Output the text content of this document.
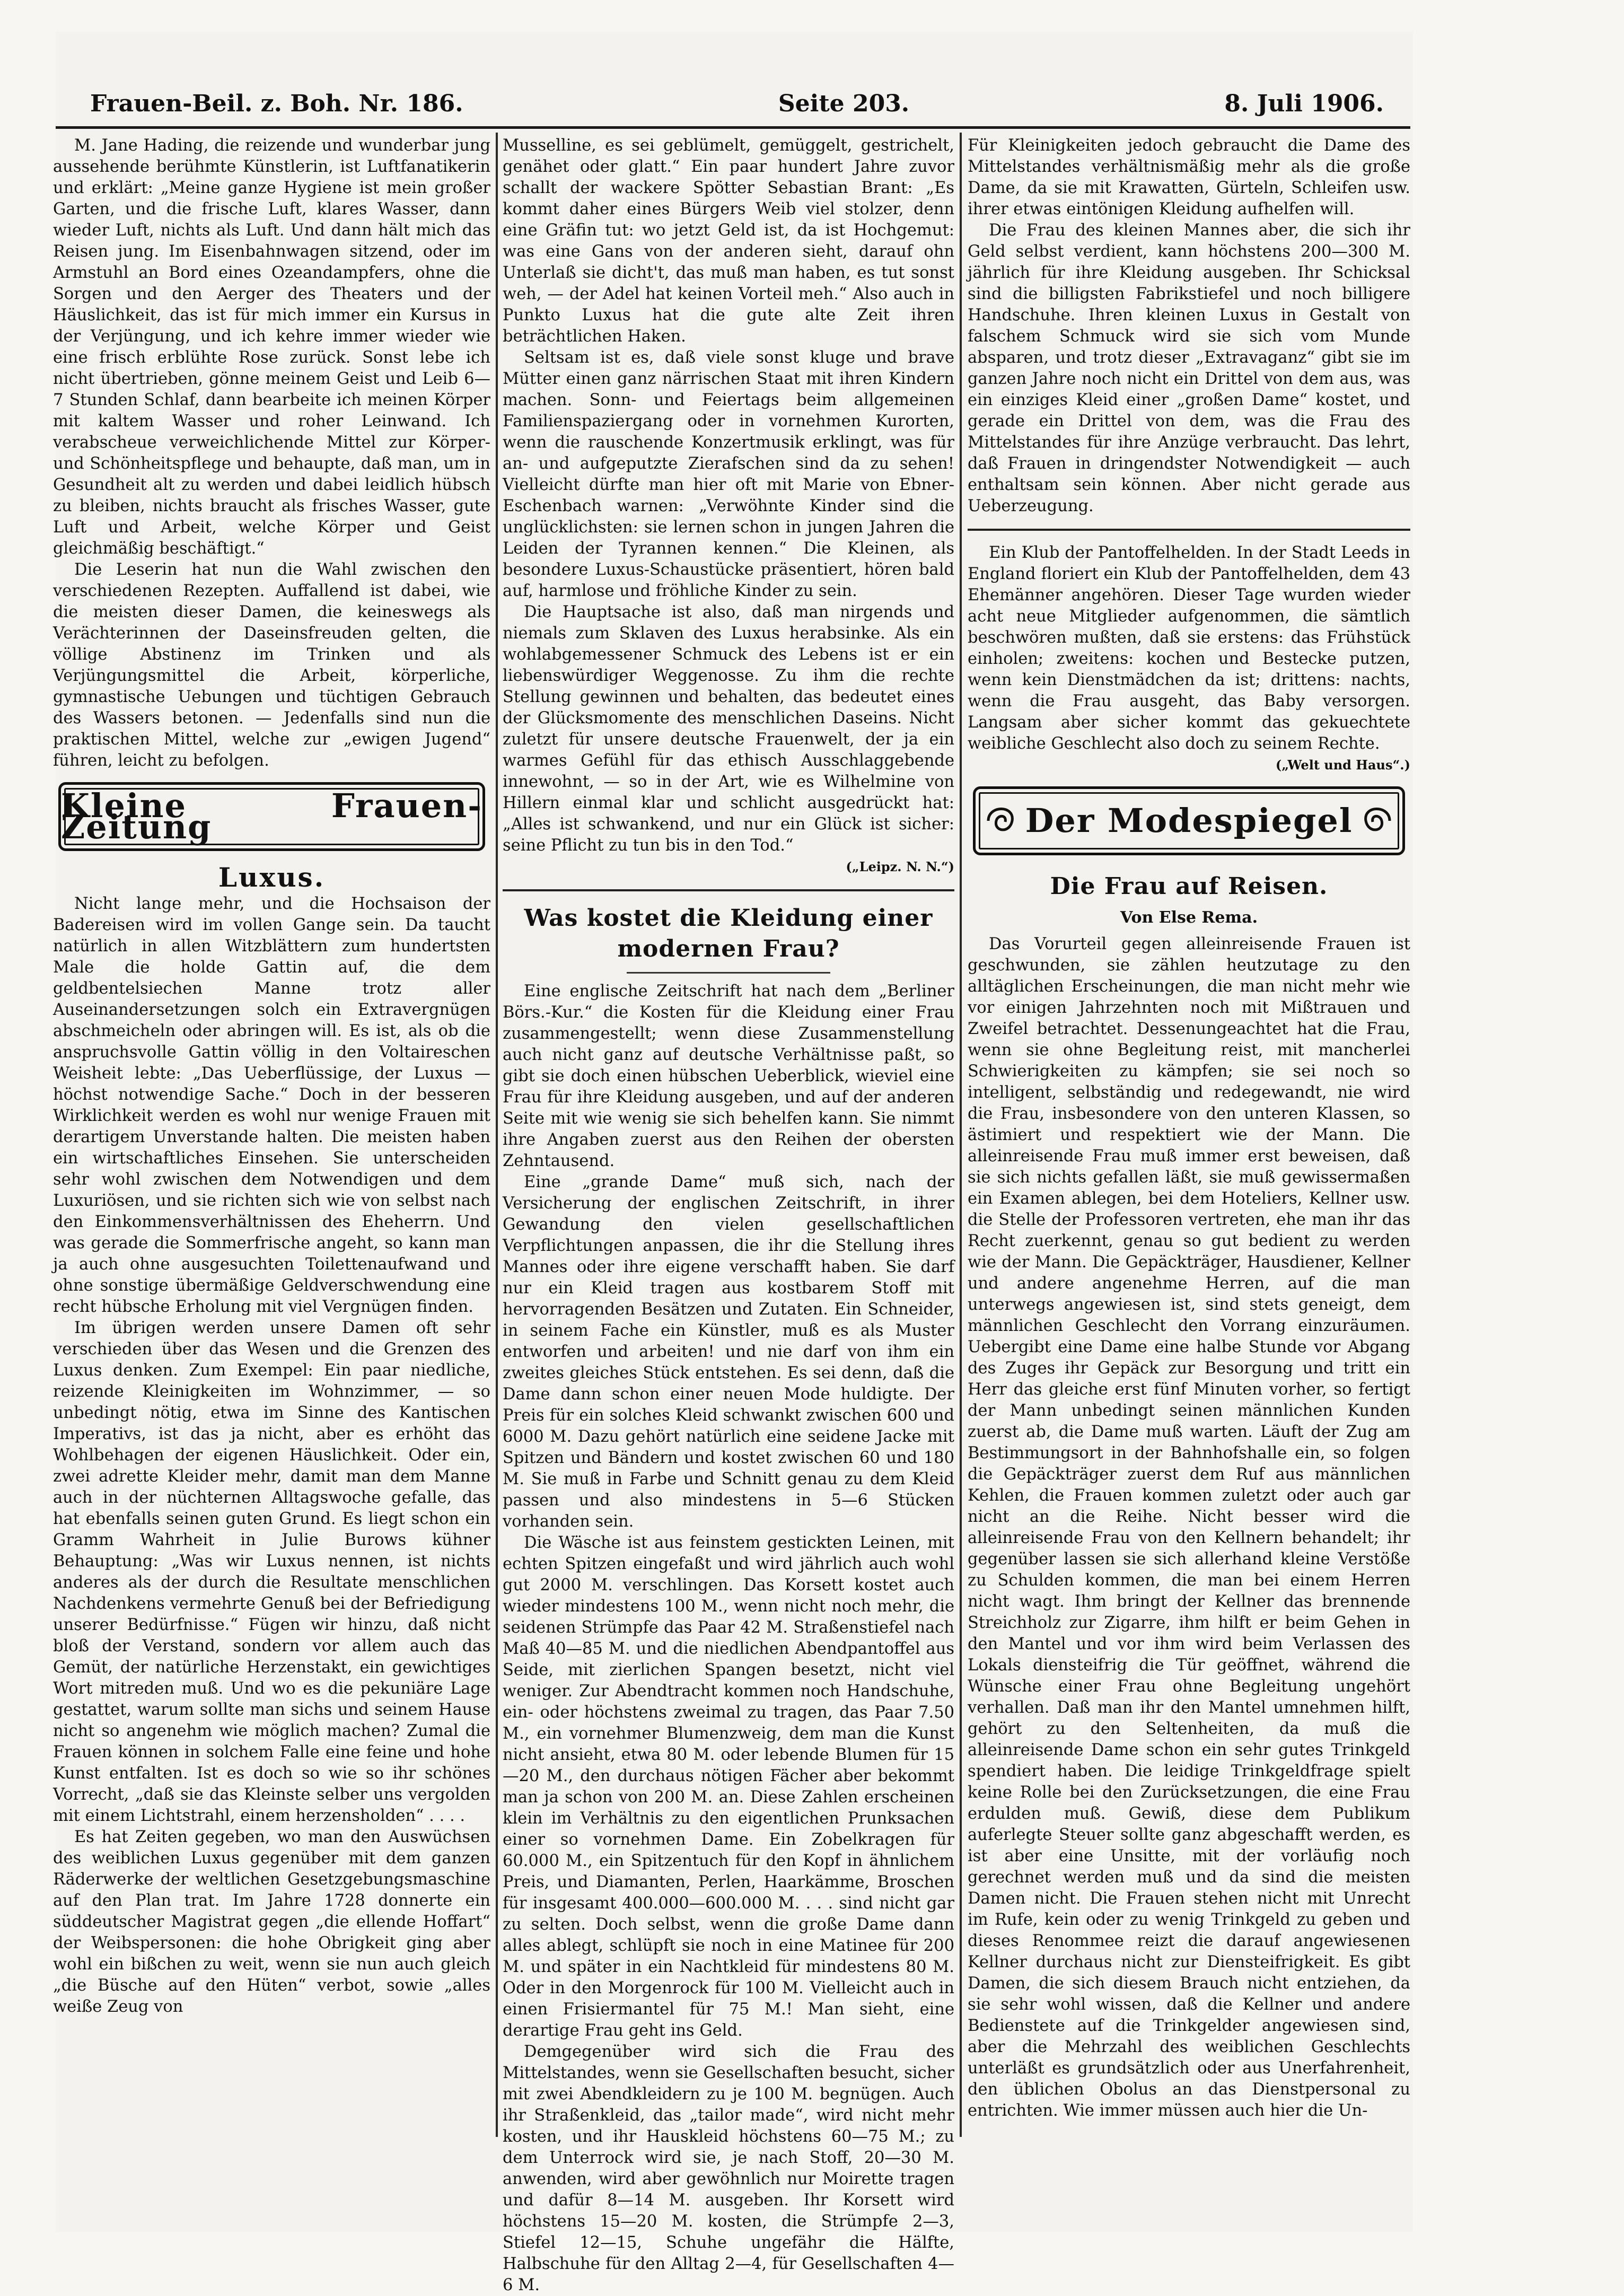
Frauen-Beil. z. Boh. Nr. 186.	Seite 203.	8. Juli 1906.

M. Jane Hading, die reizende und wunderbar jung aussehende berühmte Künstlerin, ist Luftfanatikerin und erklärt: „Meine ganze Hygiene ist mein großer Garten, und die frische Luft, klares Wasser, dann wieder Luft, nichts als Luft. Und dann hält mich das Reisen jung. Im Eisenbahnwagen sitzend, oder im Armstuhl an Bord eines Ozeandampfers, ohne die Sorgen und den Aerger des Theaters und der Häuslichkeit, das ist für mich immer ein Kursus in der Verjüngung, und ich kehre immer wieder wie eine frisch erblühte Rose zurück. Sonst lebe ich nicht übertrieben, gönne meinem Geist und Leib 6—7 Stunden Schlaf, dann bearbeite ich meinen Körper mit kaltem Wasser und roher Leinwand. Ich verabscheue verweichlichende Mittel zur Körper- und Schönheitspflege und behaupte, daß man, um in Gesundheit alt zu werden und dabei leidlich hübsch zu bleiben, nichts braucht als frisches Wasser, gute Luft und Arbeit, welche Körper und Geist gleichmäßig beschäftigt.“

Die Leserin hat nun die Wahl zwischen den verschiedenen Rezepten. Auffallend ist dabei, wie die meisten dieser Damen, die keineswegs als Verächterinnen der Daseinsfreuden gelten, die völlige Abstinenz im Trinken und als Verjüngungsmittel die Arbeit, körperliche, gymnastische Uebungen und tüchtigen Gebrauch des Wassers betonen. — Jedenfalls sind nun die praktischen Mittel, welche zur „ewigen Jugend“ führen, leicht zu befolgen.

Kleine Frauen-Zeitung
Luxus.

Nicht lange mehr, und die Hochsaison der Badereisen wird im vollen Gange sein. Da taucht natürlich in allen Witzblättern zum hundertsten Male die holde Gattin auf, die dem geldbentelsiechen Manne trotz aller Auseinandersetzungen solch ein Extravergnügen abschmeicheln oder abringen will. Es ist, als ob die anspruchsvolle Gattin völlig in den Voltaireschen Weisheit lebte: „Das Ueberflüssige, der Luxus — höchst notwendige Sache.“ Doch in der besseren Wirklichkeit werden es wohl nur wenige Frauen mit derartigem Unverstande halten. Die meisten haben ein wirtschaftliches Einsehen. Sie unterscheiden sehr wohl zwischen dem Notwendigen und dem Luxuriösen, und sie richten sich wie von selbst nach den Einkommensverhältnissen des Eheherrn. Und was gerade die Sommerfrische angeht, so kann man ja auch ohne ausgesuchten Toilettenaufwand und ohne sonstige übermäßige Geldverschwendung eine recht hübsche Erholung mit viel Vergnügen finden.

Im übrigen werden unsere Damen oft sehr verschieden über das Wesen und die Grenzen des Luxus denken. Zum Exempel: Ein paar niedliche, reizende Kleinigkeiten im Wohnzimmer, — so unbedingt nötig, etwa im Sinne des Kantischen Imperativs, ist das ja nicht, aber es erhöht das Wohlbehagen der eigenen Häuslichkeit. Oder ein, zwei adrette Kleider mehr, damit man dem Manne auch in der nüchternen Alltagswoche gefalle, das hat ebenfalls seinen guten Grund. Es liegt schon ein Gramm Wahrheit in Julie Burows kühner Behauptung: „Was wir Luxus nennen, ist nichts anderes als der durch die Resultate menschlichen Nachdenkens vermehrte Genuß bei der Befriedigung unserer Bedürfnisse.“ Fügen wir hinzu, daß nicht bloß der Verstand, sondern vor allem auch das Gemüt, der natürliche Herzenstakt, ein gewichtiges Wort mitreden muß. Und wo es die pekuniäre Lage gestattet, warum sollte man sichs und seinem Hause nicht so angenehm wie möglich machen? Zumal die Frauen können in solchem Falle eine feine und hohe Kunst entfalten. Ist es doch so wie so ihr schönes Vorrecht, „daß sie das Kleinste selber uns vergolden mit einem Lichtstrahl, einem herzensholden“ . . . .

Es hat Zeiten gegeben, wo man den Auswüchsen des weiblichen Luxus gegenüber mit dem ganzen Räderwerke der weltlichen Gesetzgebungsmaschine auf den Plan trat. Im Jahre 1728 donnerte ein süddeutscher Magistrat gegen „die ellende Hoffart“ der Weibspersonen: die hohe Obrigkeit ging aber wohl ein bißchen zu weit, wenn sie nun auch gleich „die Büsche auf den Hüten“ verbot, sowie „alles weiße Zeug von

Musselline, es sei geblümelt, gemüggelt, gestrichelt, genähet oder glatt.“ Ein paar hundert Jahre zuvor schallt der wackere Spötter Sebastian Brant: „Es kommt daher eines Bürgers Weib viel stolzer, denn eine Gräfin tut: wo jetzt Geld ist, da ist Hochgemut: was eine Gans von der anderen sieht, darauf ohn Unterlaß sie dicht't, das muß man haben, es tut sonst weh, — der Adel hat keinen Vorteil meh.“ Also auch in Punkto Luxus hat die gute alte Zeit ihren beträchtlichen Haken.

Seltsam ist es, daß viele sonst kluge und brave Mütter einen ganz närrischen Staat mit ihren Kindern machen. Sonn- und Feiertags beim allgemeinen Familienspaziergang oder in vornehmen Kurorten, wenn die rauschende Konzertmusik erklingt, was für an- und aufgeputzte Zierafschen sind da zu sehen! Vielleicht dürfte man hier oft mit Marie von Ebner-Eschenbach warnen: „Verwöhnte Kinder sind die unglücklichsten: sie lernen schon in jungen Jahren die Leiden der Tyrannen kennen.“ Die Kleinen, als besondere Luxus-Schaustücke präsentiert, hören bald auf, harmlose und fröhliche Kinder zu sein.

Die Hauptsache ist also, daß man nirgends und niemals zum Sklaven des Luxus herabsinke. Als ein wohlabgemessener Schmuck des Lebens ist er ein liebenswürdiger Weggenosse. Zu ihm die rechte Stellung gewinnen und behalten, das bedeutet eines der Glücksmomente des menschlichen Daseins. Nicht zuletzt für unsere deutsche Frauenwelt, der ja ein warmes Gefühl für das ethisch Ausschlaggebende innewohnt, — so in der Art, wie es Wilhelmine von Hillern einmal klar und schlicht ausgedrückt hat: „Alles ist schwankend, und nur ein Glück ist sicher: seine Pflicht zu tun bis in den Tod.“

(„Leipz. N. N.“)
Was kostet die Kleidung einer modernen Frau?

Eine englische Zeitschrift hat nach dem „Berliner Börs.-Kur.“ die Kosten für die Kleidung einer Frau zusammengestellt; wenn diese Zusammenstellung auch nicht ganz auf deutsche Verhältnisse paßt, so gibt sie doch einen hübschen Ueberblick, wieviel eine Frau für ihre Kleidung ausgeben, und auf der anderen Seite mit wie wenig sie sich behelfen kann. Sie nimmt ihre Angaben zuerst aus den Reihen der obersten Zehntausend.

Eine „grande Dame“ muß sich, nach der Versicherung der englischen Zeitschrift, in ihrer Gewandung den vielen gesellschaftlichen Verpflichtungen anpassen, die ihr die Stellung ihres Mannes oder ihre eigene verschafft haben. Sie darf nur ein Kleid tragen aus kostbarem Stoff mit hervorragenden Besätzen und Zutaten. Ein Schneider, in seinem Fache ein Künstler, muß es als Muster entworfen und arbeiten! und nie darf von ihm ein zweites gleiches Stück entstehen. Es sei denn, daß die Dame dann schon einer neuen Mode huldigte. Der Preis für ein solches Kleid schwankt zwischen 600 und 6000 M. Dazu gehört natürlich eine seidene Jacke mit Spitzen und Bändern und kostet zwischen 60 und 180 M. Sie muß in Farbe und Schnitt genau zu dem Kleid passen und also mindestens in 5—6 Stücken vorhanden sein.

Die Wäsche ist aus feinstem gestickten Leinen, mit echten Spitzen eingefaßt und wird jährlich auch wohl gut 2000 M. verschlingen. Das Korsett kostet auch wieder mindestens 100 M., wenn nicht noch mehr, die seidenen Strümpfe das Paar 42 M. Straßenstiefel nach Maß 40—85 M. und die niedlichen Abendpantoffel aus Seide, mit zierlichen Spangen besetzt, nicht viel weniger. Zur Abendtracht kommen noch Handschuhe, ein- oder höchstens zweimal zu tragen, das Paar 7.50 M., ein vornehmer Blumenzweig, dem man die Kunst nicht ansieht, etwa 80 M. oder lebende Blumen für 15—20 M., den durchaus nötigen Fächer aber bekommt man ja schon von 200 M. an. Diese Zahlen erscheinen klein im Verhältnis zu den eigentlichen Prunksachen einer so vornehmen Dame. Ein Zobelkragen für 60.000 M., ein Spitzentuch für den Kopf in ähnlichem Preis, und Diamanten, Perlen, Haarkämme, Broschen für insgesamt 400.000—600.000 M. . . . sind nicht gar zu selten. Doch selbst, wenn die große Dame dann alles ablegt, schlüpft sie noch in eine Matinee für 200 M. und später in ein Nachtkleid für mindestens 80 M. Oder in den Morgenrock für 100 M. Vielleicht auch in einen Frisiermantel für 75 M.! Man sieht, eine derartige Frau geht ins Geld.

Demgegenüber wird sich die Frau des Mittelstandes, wenn sie Gesellschaften besucht, sicher mit zwei Abendkleidern zu je 100 M. begnügen. Auch ihr Straßenkleid, das „tailor made“, wird nicht mehr kosten, und ihr Hauskleid höchstens 60—75 M.; zu dem Unterrock wird sie, je nach Stoff, 20—30 M. anwenden, wird aber gewöhnlich nur Moirette tragen und dafür 8—14 M. ausgeben. Ihr Korsett wird höchstens 15—20 M. kosten, die Strümpfe 2—3, Stiefel 12—15, Schuhe ungefähr die Hälfte, Halbschuhe für den Alltag 2—4, für Gesellschaften 4—6 M.

Für Kleinigkeiten jedoch gebraucht die Dame des Mittelstandes verhältnismäßig mehr als die große Dame, da sie mit Krawatten, Gürteln, Schleifen usw. ihrer etwas eintönigen Kleidung aufhelfen will.

Die Frau des kleinen Mannes aber, die sich ihr Geld selbst verdient, kann höchstens 200—300 M. jährlich für ihre Kleidung ausgeben. Ihr Schicksal sind die billigsten Fabrikstiefel und noch billigere Handschuhe. Ihren kleinen Luxus in Gestalt von falschem Schmuck wird sie sich vom Munde absparen, und trotz dieser „Extravaganz“ gibt sie im ganzen Jahre noch nicht ein Drittel von dem aus, was ein einziges Kleid einer „großen Dame“ kostet, und gerade ein Drittel von dem, was die Frau des Mittelstandes für ihre Anzüge verbraucht. Das lehrt, daß Frauen in dringendster Notwendigkeit — auch enthaltsam sein können. Aber nicht gerade aus Ueberzeugung.

Ein Klub der Pantoffelhelden. In der Stadt Leeds in England floriert ein Klub der Pantoffelhelden, dem 43 Ehemänner angehören. Dieser Tage wurden wieder acht neue Mitglieder aufgenommen, die sämtlich beschwören mußten, daß sie erstens: das Frühstück einholen; zweitens: kochen und Bestecke putzen, wenn kein Dienstmädchen da ist; drittens: nachts, wenn die Frau ausgeht, das Baby versorgen. Langsam aber sicher kommt das gekuechtete weibliche Geschlecht also doch zu seinem Rechte.

(„Welt und Haus“.)
Der Modespiegel
Die Frau auf Reisen.
Von Else Rema.

Das Vorurteil gegen alleinreisende Frauen ist geschwunden, sie zählen heutzutage zu den alltäglichen Erscheinungen, die man nicht mehr wie vor einigen Jahrzehnten noch mit Mißtrauen und Zweifel betrachtet. Dessenungeachtet hat die Frau, wenn sie ohne Begleitung reist, mit mancherlei Schwierigkeiten zu kämpfen; sie sei noch so intelligent, selbständig und redegewandt, nie wird die Frau, insbesondere von den unteren Klassen, so ästimiert und respektiert wie der Mann. Die alleinreisende Frau muß immer erst beweisen, daß sie sich nichts gefallen läßt, sie muß gewissermaßen ein Examen ablegen, bei dem Hoteliers, Kellner usw. die Stelle der Professoren vertreten, ehe man ihr das Recht zuerkennt, genau so gut bedient zu werden wie der Mann. Die Gepäckträger, Hausdiener, Kellner und andere angenehme Herren, auf die man unterwegs angewiesen ist, sind stets geneigt, dem männlichen Geschlecht den Vorrang einzuräumen. Uebergibt eine Dame eine halbe Stunde vor Abgang des Zuges ihr Gepäck zur Besorgung und tritt ein Herr das gleiche erst fünf Minuten vorher, so fertigt der Mann unbedingt seinen männlichen Kunden zuerst ab, die Dame muß warten. Läuft der Zug am Bestimmungsort in der Bahnhofshalle ein, so folgen die Gepäckträger zuerst dem Ruf aus männlichen Kehlen, die Frauen kommen zuletzt oder auch gar nicht an die Reihe. Nicht besser wird die alleinreisende Frau von den Kellnern behandelt; ihr gegenüber lassen sie sich allerhand kleine Verstöße zu Schulden kommen, die man bei einem Herren nicht wagt. Ihm bringt der Kellner das brennende Streichholz zur Zigarre, ihm hilft er beim Gehen in den Mantel und vor ihm wird beim Verlassen des Lokals diensteifrig die Tür geöffnet, während die Wünsche einer Frau ohne Begleitung ungehört verhallen. Daß man ihr den Mantel umnehmen hilft, gehört zu den Seltenheiten, da muß die alleinreisende Dame schon ein sehr gutes Trinkgeld spendiert haben. Die leidige Trinkgeldfrage spielt keine Rolle bei den Zurücksetzungen, die eine Frau erdulden muß. Gewiß, diese dem Publikum auferlegte Steuer sollte ganz abgeschafft werden, es ist aber eine Unsitte, mit der vorläufig noch gerechnet werden muß und da sind die meisten Damen nicht. Die Frauen stehen nicht mit Unrecht im Rufe, kein oder zu wenig Trinkgeld zu geben und dieses Renommee reizt die darauf angewiesenen Kellner durchaus nicht zur Diensteifrigkeit. Es gibt Damen, die sich diesem Brauch nicht entziehen, da sie sehr wohl wissen, daß die Kellner und andere Bedienstete auf die Trinkgelder angewiesen sind, aber die Mehrzahl des weiblichen Geschlechts unterläßt es grundsätzlich oder aus Unerfahrenheit, den üblichen Obolus an das Dienstpersonal zu entrichten. Wie immer müssen auch hier die Un-
